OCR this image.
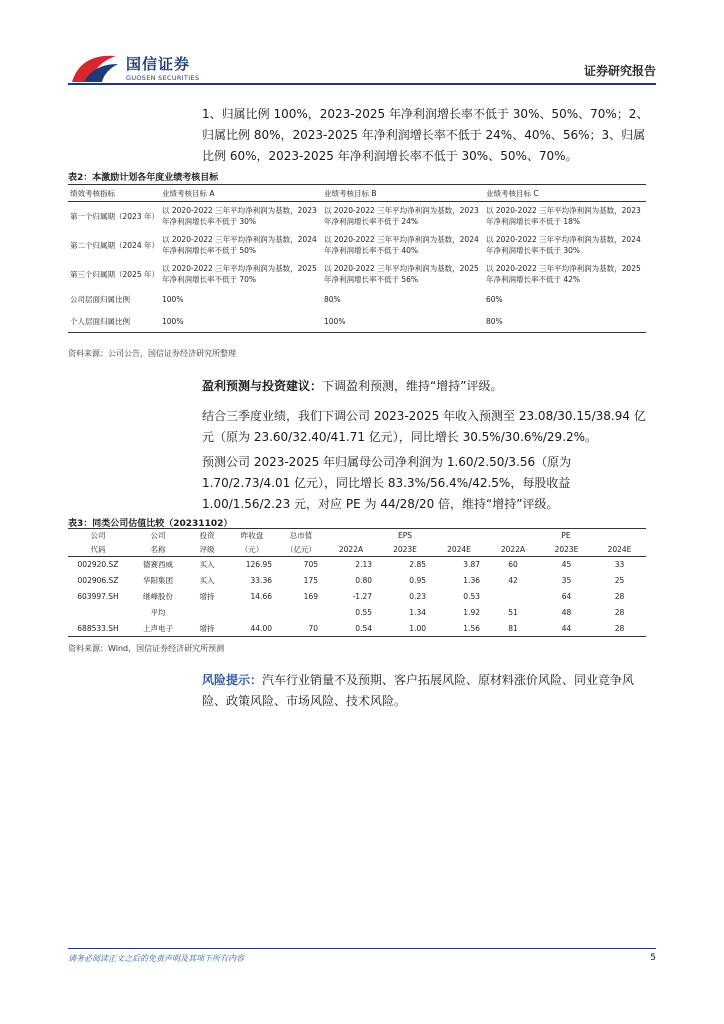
国信证券
GUOSEN SECURITIES	证券研究报告
1、归属比例 100%，2023-2025 年净利润增长率不低于 30%、50%、70%；2、归属比例 80%，2023-2025 年净利润增长率不低于 24%、40%、56%；3、归属比例 60%，2023-2025 年净利润增长率不低于 30%、50%、70%。
表2：本激励计划各年度业绩考核目标
绩效考核指标	业绩考核目标 A	业绩考核目标 B	业绩考核目标 C
第一个归属期（2023 年）	以 2020-2022 三年平均净利润为基数，2023 年净利润增长率不低于 30%	以 2020-2022 三年平均净利润为基数，2023 年净利润增长率不低于 24%	以 2020-2022 三年平均净利润为基数，2023 年净利润增长率不低于 18%
第二个归属期（2024 年）	以 2020-2022 三年平均净利润为基数，2024 年净利润增长率不低于 50%	以 2020-2022 三年平均净利润为基数，2024 年净利润增长率不低于 40%	以 2020-2022 三年平均净利润为基数，2024 年净利润增长率不低于 30%
第三个归属期（2025 年）	以 2020-2022 三年平均净利润为基数，2025 年净利润增长率不低于 70%	以 2020-2022 三年平均净利润为基数，2025 年净利润增长率不低于 56%	以 2020-2022 三年平均净利润为基数，2025 年净利润增长率不低于 42%
公司层面归属比例	100%	80%	60%
个人层面归属比例	100%	100%	80%
资料来源：公司公告，国信证券经济研究所整理
盈利预测与投资建议：下调盈利预测，维持“增持”评级。
结合三季度业绩，我们下调公司 2023-2025 年收入预测至 23.08/30.15/38.94 亿元（原为 23.60/32.40/41.71 亿元），同比增长 30.5%/30.6%/29.2%。
预测公司 2023-2025 年归属母公司净利润为 1.60/2.50/3.56（原为 1.70/2.73/4.01 亿元），同比增长 83.3%/56.4%/42.5%，每股收益 1.00/1.56/2.23 元，对应 PE 为 44/28/20 倍，维持“增持”评级。
表3：同类公司估值比较（20231102）
公司	公司	投资	昨收盘	总市值	EPS			PE		
代码	名称	评级	（元）	（亿元）	2022A	2023E	2024E	2022A	2023E	2024E
002920.SZ	德赛西威	买入	126.95	705	2.13	2.85	3.87	60	45	33
002906.SZ	华阳集团	买入	33.36	175	0.80	0.95	1.36	42	35	25
603997.SH	继峰股份	增持	14.66	169	-1.27	0.23	0.53		64	28
	平均				0.55	1.34	1.92	51	48	28
688533.SH	上声电子	增持	44.00	70	0.54	1.00	1.56	81	44	28
资料来源：Wind，国信证券经济研究所预测
风险提示：汽车行业销量不及预期、客户拓展风险、原材料涨价风险、同业竞争风险、政策风险、市场风险、技术风险。
请务必阅读正文之后的免责声明及其项下所有内容	5
